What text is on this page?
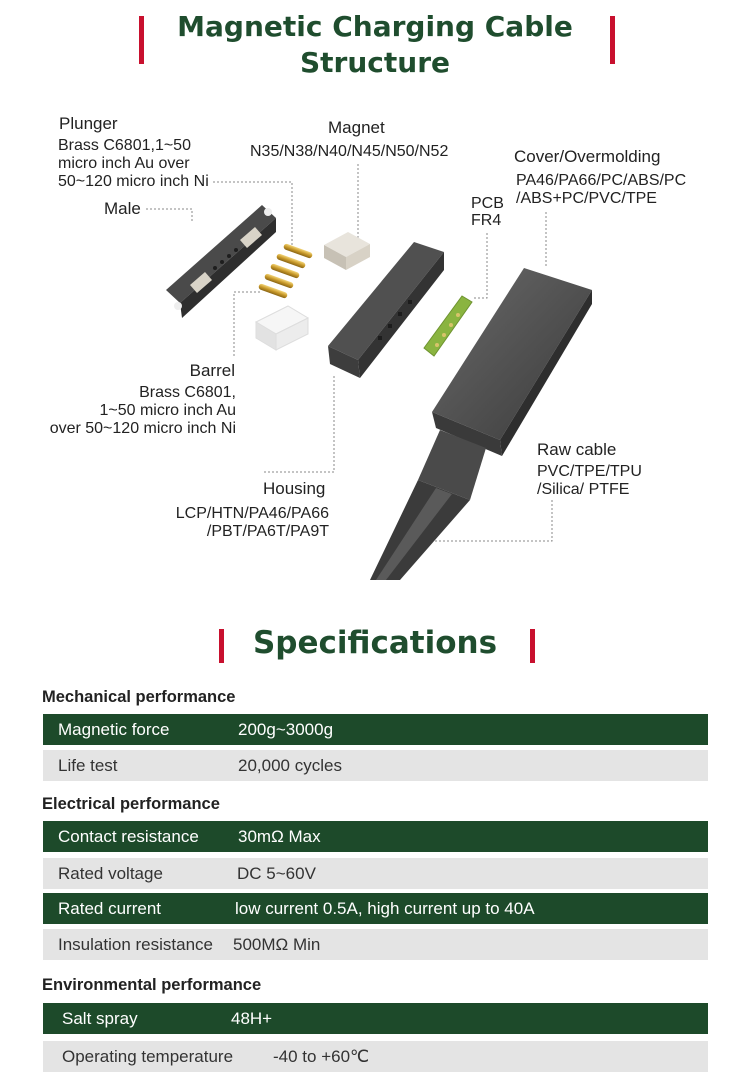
Magnetic Charging Cable
Structure
Plunger
Brass C6801,1~50
micro inch Au over
50~120 micro inch Ni
Male
Magnet
N35/N38/N40/N45/N50/N52	Cover/Overmolding
PA46/PA66/PC/ABS/PC
/ABS+PC/PVC/TPE
PCB
FR4
Barrel
Brass C6801,
1~50 micro inch Au
over 50~120 micro inch Ni
Housing
LCP/HTN/PA46/PA66
/PBT/PA6T/PA9T
Raw cable
PVC/TPE/TPU
/Silica/ PTFE
Specifications
Mechanical performance
Magnetic force	200g~3000g
Life test	20,000 cycles
Electrical performance
Contact resistance 30mΩ Max
Rated voltage	DC 5~60V
Rated current	low current 0.5A, high current up to 40A
Insulation resistance 500MΩ Min
Environmental performance
Salt spray	48H+
Operating temperature -40 to +60℃
